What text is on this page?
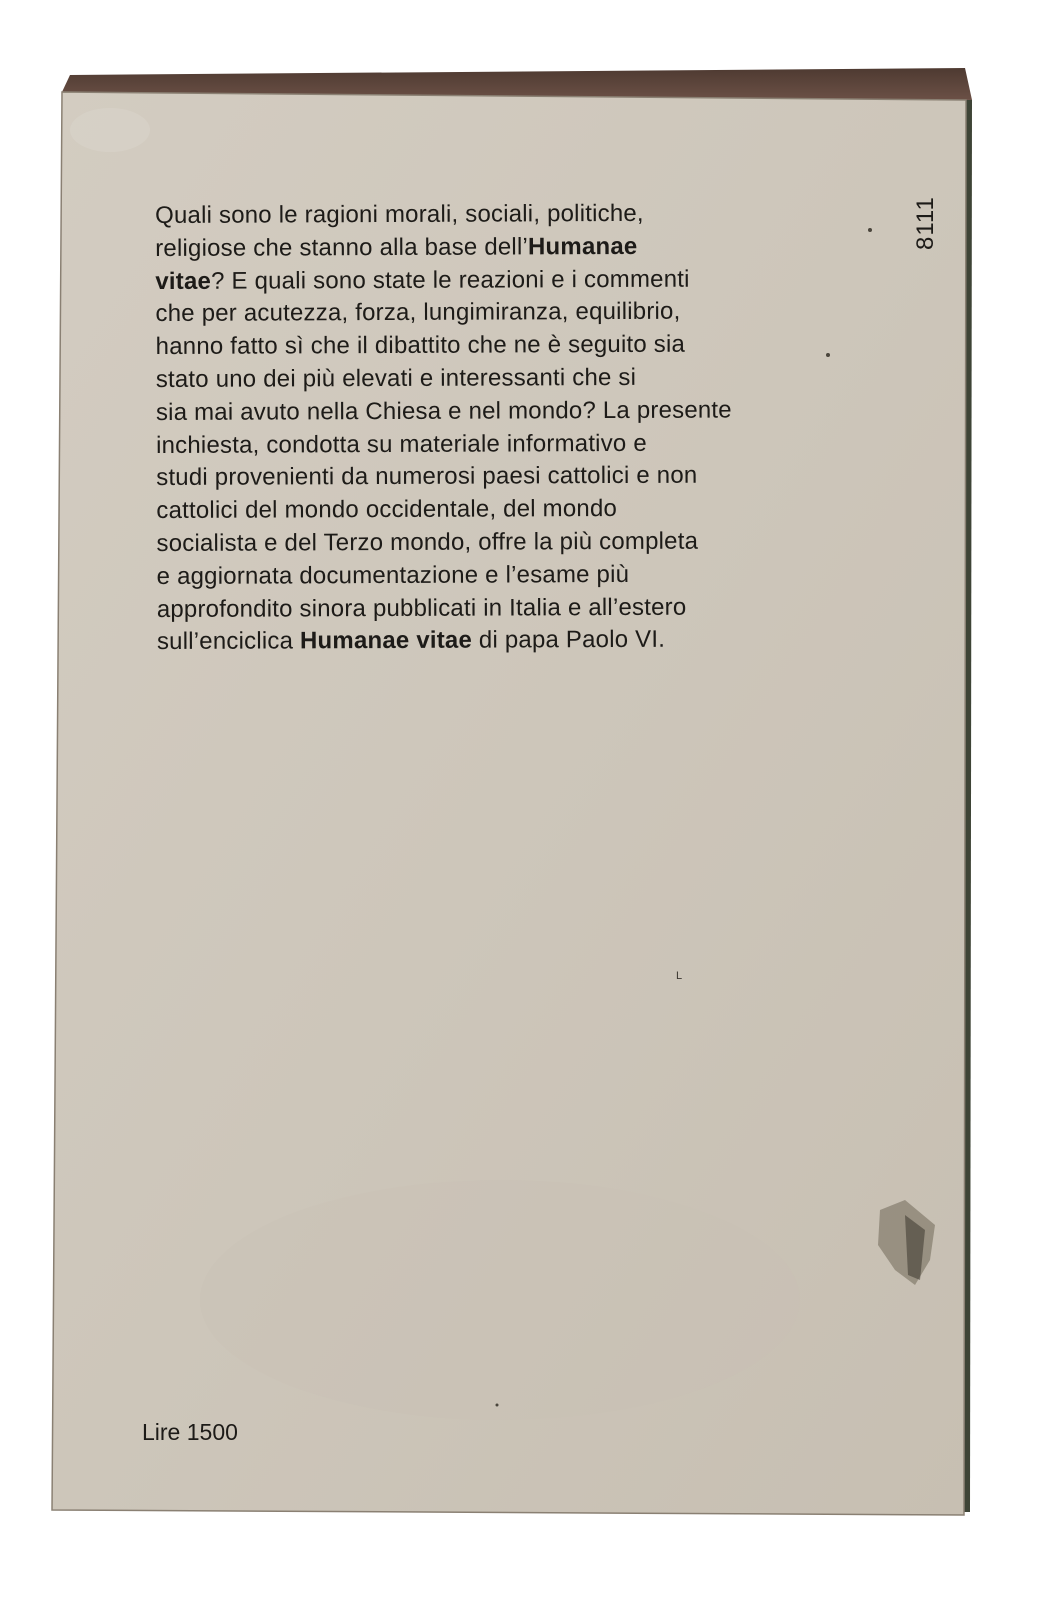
Quali sono le ragioni morali, sociali, politiche,
religiose che stanno alla base dell’Humanae
vitae? E quali sono state le reazioni e i commenti
che per acutezza, forza, lungimiranza, equilibrio,
hanno fatto sì che il dibattito che ne è seguito sia
stato uno dei più elevati e interessanti che si
sia mai avuto nella Chiesa e nel mondo? La presente
inchiesta, condotta su materiale informativo e
studi provenienti da numerosi paesi cattolici e non
cattolici del mondo occidentale, del mondo
socialista e del Terzo mondo, offre la più completa
e aggiornata documentazione e l’esame più
approfondito sinora pubblicati in Italia e all’estero
sull’enciclica Humanae vitae di papa Paolo VI.
8111
L
Lire 1500
